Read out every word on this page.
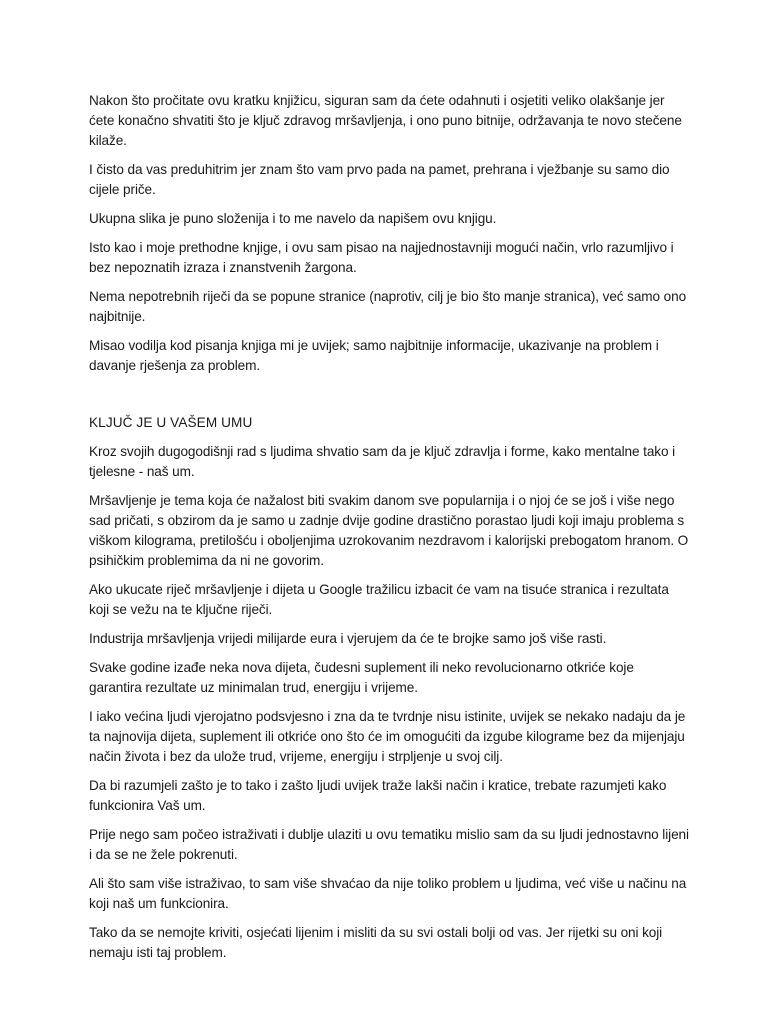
Nakon što pročitate ovu kratku knjižicu, siguran sam da ćete odahnuti i osjetiti veliko olakšanje jer ćete konačno shvatiti što je ključ zdravog mršavljenja, i ono puno bitnije, održavanja te novo stečene kilaže.

I čisto da vas preduhitrim jer znam što vam prvo pada na pamet, prehrana i vježbanje su samo dio cijele priče.

Ukupna slika je puno složenija i to me navelo da napišem ovu knjigu.

Isto kao i moje prethodne knjige, i ovu sam pisao na najjednostavniji mogući način, vrlo razumljivo i bez nepoznatih izraza i znanstvenih žargona.

Nema nepotrebnih riječi da se popune stranice (naprotiv, cilj je bio što manje stranica), već samo ono najbitnije.

Misao vodilja kod pisanja knjiga mi je uvijek; samo najbitnije informacije, ukazivanje na problem i davanje rješenja za problem.

KLJUČ JE U VAŠEM UMU

Kroz svojih dugogodišnji rad s ljudima shvatio sam da je ključ zdravlja i forme, kako mentalne tako i tjelesne - naš um.

Mršavljenje je tema koja će nažalost biti svakim danom sve popularnija i o njoj će se još i više nego sad pričati, s obzirom da je samo u zadnje dvije godine drastično porastao ljudi koji imaju problema s viškom kilograma, pretilošću i oboljenjima uzrokovanim nezdravom i kalorijski prebogatom hranom. O psihičkim problemima da ni ne govorim.

Ako ukucate riječ mršavljenje i dijeta u Google tražilicu izbacit će vam na tisuće stranica i rezultata koji se vežu na te ključne riječi.

Industrija mršavljenja vrijedi milijarde eura i vjerujem da će te brojke samo još više rasti.

Svake godine izađe neka nova dijeta, čudesni suplement ili neko revolucionarno otkriće koje garantira rezultate uz minimalan trud, energiju i vrijeme.

I iako većina ljudi vjerojatno podsvjesno i zna da te tvrdnje nisu istinite, uvijek se nekako nadaju da je ta najnovija dijeta, suplement ili otkriće ono što će im omogućiti da izgube kilograme bez da mijenjaju način života i bez da ulože trud, vrijeme, energiju i strpljenje u svoj cilj.

Da bi razumjeli zašto je to tako i zašto ljudi uvijek traže lakši način i kratice, trebate razumjeti kako funkcionira Vaš um.

Prije nego sam počeo istraživati i dublje ulaziti u ovu tematiku mislio sam da su ljudi jednostavno lijeni i da se ne žele pokrenuti.

Ali što sam više istraživao, to sam više shvaćao da nije toliko problem u ljudima, već više u načinu na koji naš um funkcionira.

Tako da se nemojte kriviti, osjećati lijenim i misliti da su svi ostali bolji od vas. Jer rijetki su oni koji nemaju isti taj problem.
